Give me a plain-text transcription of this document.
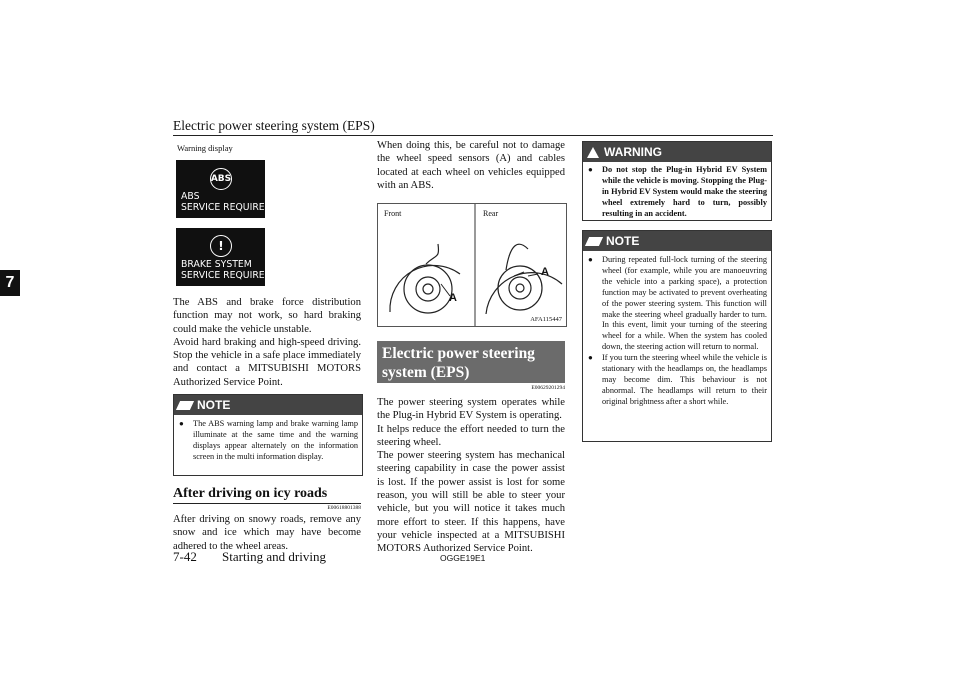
Electric power steering system (EPS)
7
Warning display
ABS
ABS
SERVICE REQUIRED
!
BRAKE SYSTEM
SERVICE REQUIRED
The ABS and brake force distribution function may not work, so hard braking could make the vehicle unstable.
Avoid hard braking and high-speed driving. Stop the vehicle in a safe place immediately and contact a MITSUBISHI MOTORS Authorized Service Point.
NOTE
● The ABS warning lamp and brake warning lamp illuminate at the same time and the warning displays appear alternately on the information screen in the multi information display.
After driving on icy roads
E00618801388
After driving on snowy roads, remove any snow and ice which may have become adhered to the wheel areas.
When doing this, be careful not to damage the wheel speed sensors (A) and cables located at each wheel on vehicles equipped with an ABS.
Front	Rear
A
A
AFA115447
Electric power steering system (EPS)
E00629201294
The power steering system operates while the Plug-in Hybrid EV System is operating.
It helps reduce the effort needed to turn the steering wheel.
The power steering system has mechanical steering capability in case the power assist is lost. If the power assist is lost for some reason, you will still be able to steer your vehicle, but you will notice it takes much more effort to steer. If this happens, have your vehicle inspected at a MITSUBISHI MOTORS Authorized Service Point.
WARNING
● Do not stop the Plug-in Hybrid EV System while the vehicle is moving. Stopping the Plug-in Hybrid EV System would make the steering wheel extremely hard to turn, possibly resulting in an accident.
NOTE
● During repeated full-lock turning of the steering wheel (for example, while you are manoeuvring the vehicle into a parking space), a protection function may be activated to prevent overheating of the power steering system. This function will make the steering wheel gradually harder to turn. In this event, limit your turning of the steering wheel for a while. When the system has cooled down, the steering action will return to normal.
● If you turn the steering wheel while the vehicle is stationary with the headlamps on, the headlamps may become dim. This behaviour is not abnormal. The headlamps will return to their original brightness after a short while.
7-42 Starting and driving	OGGE19E1
